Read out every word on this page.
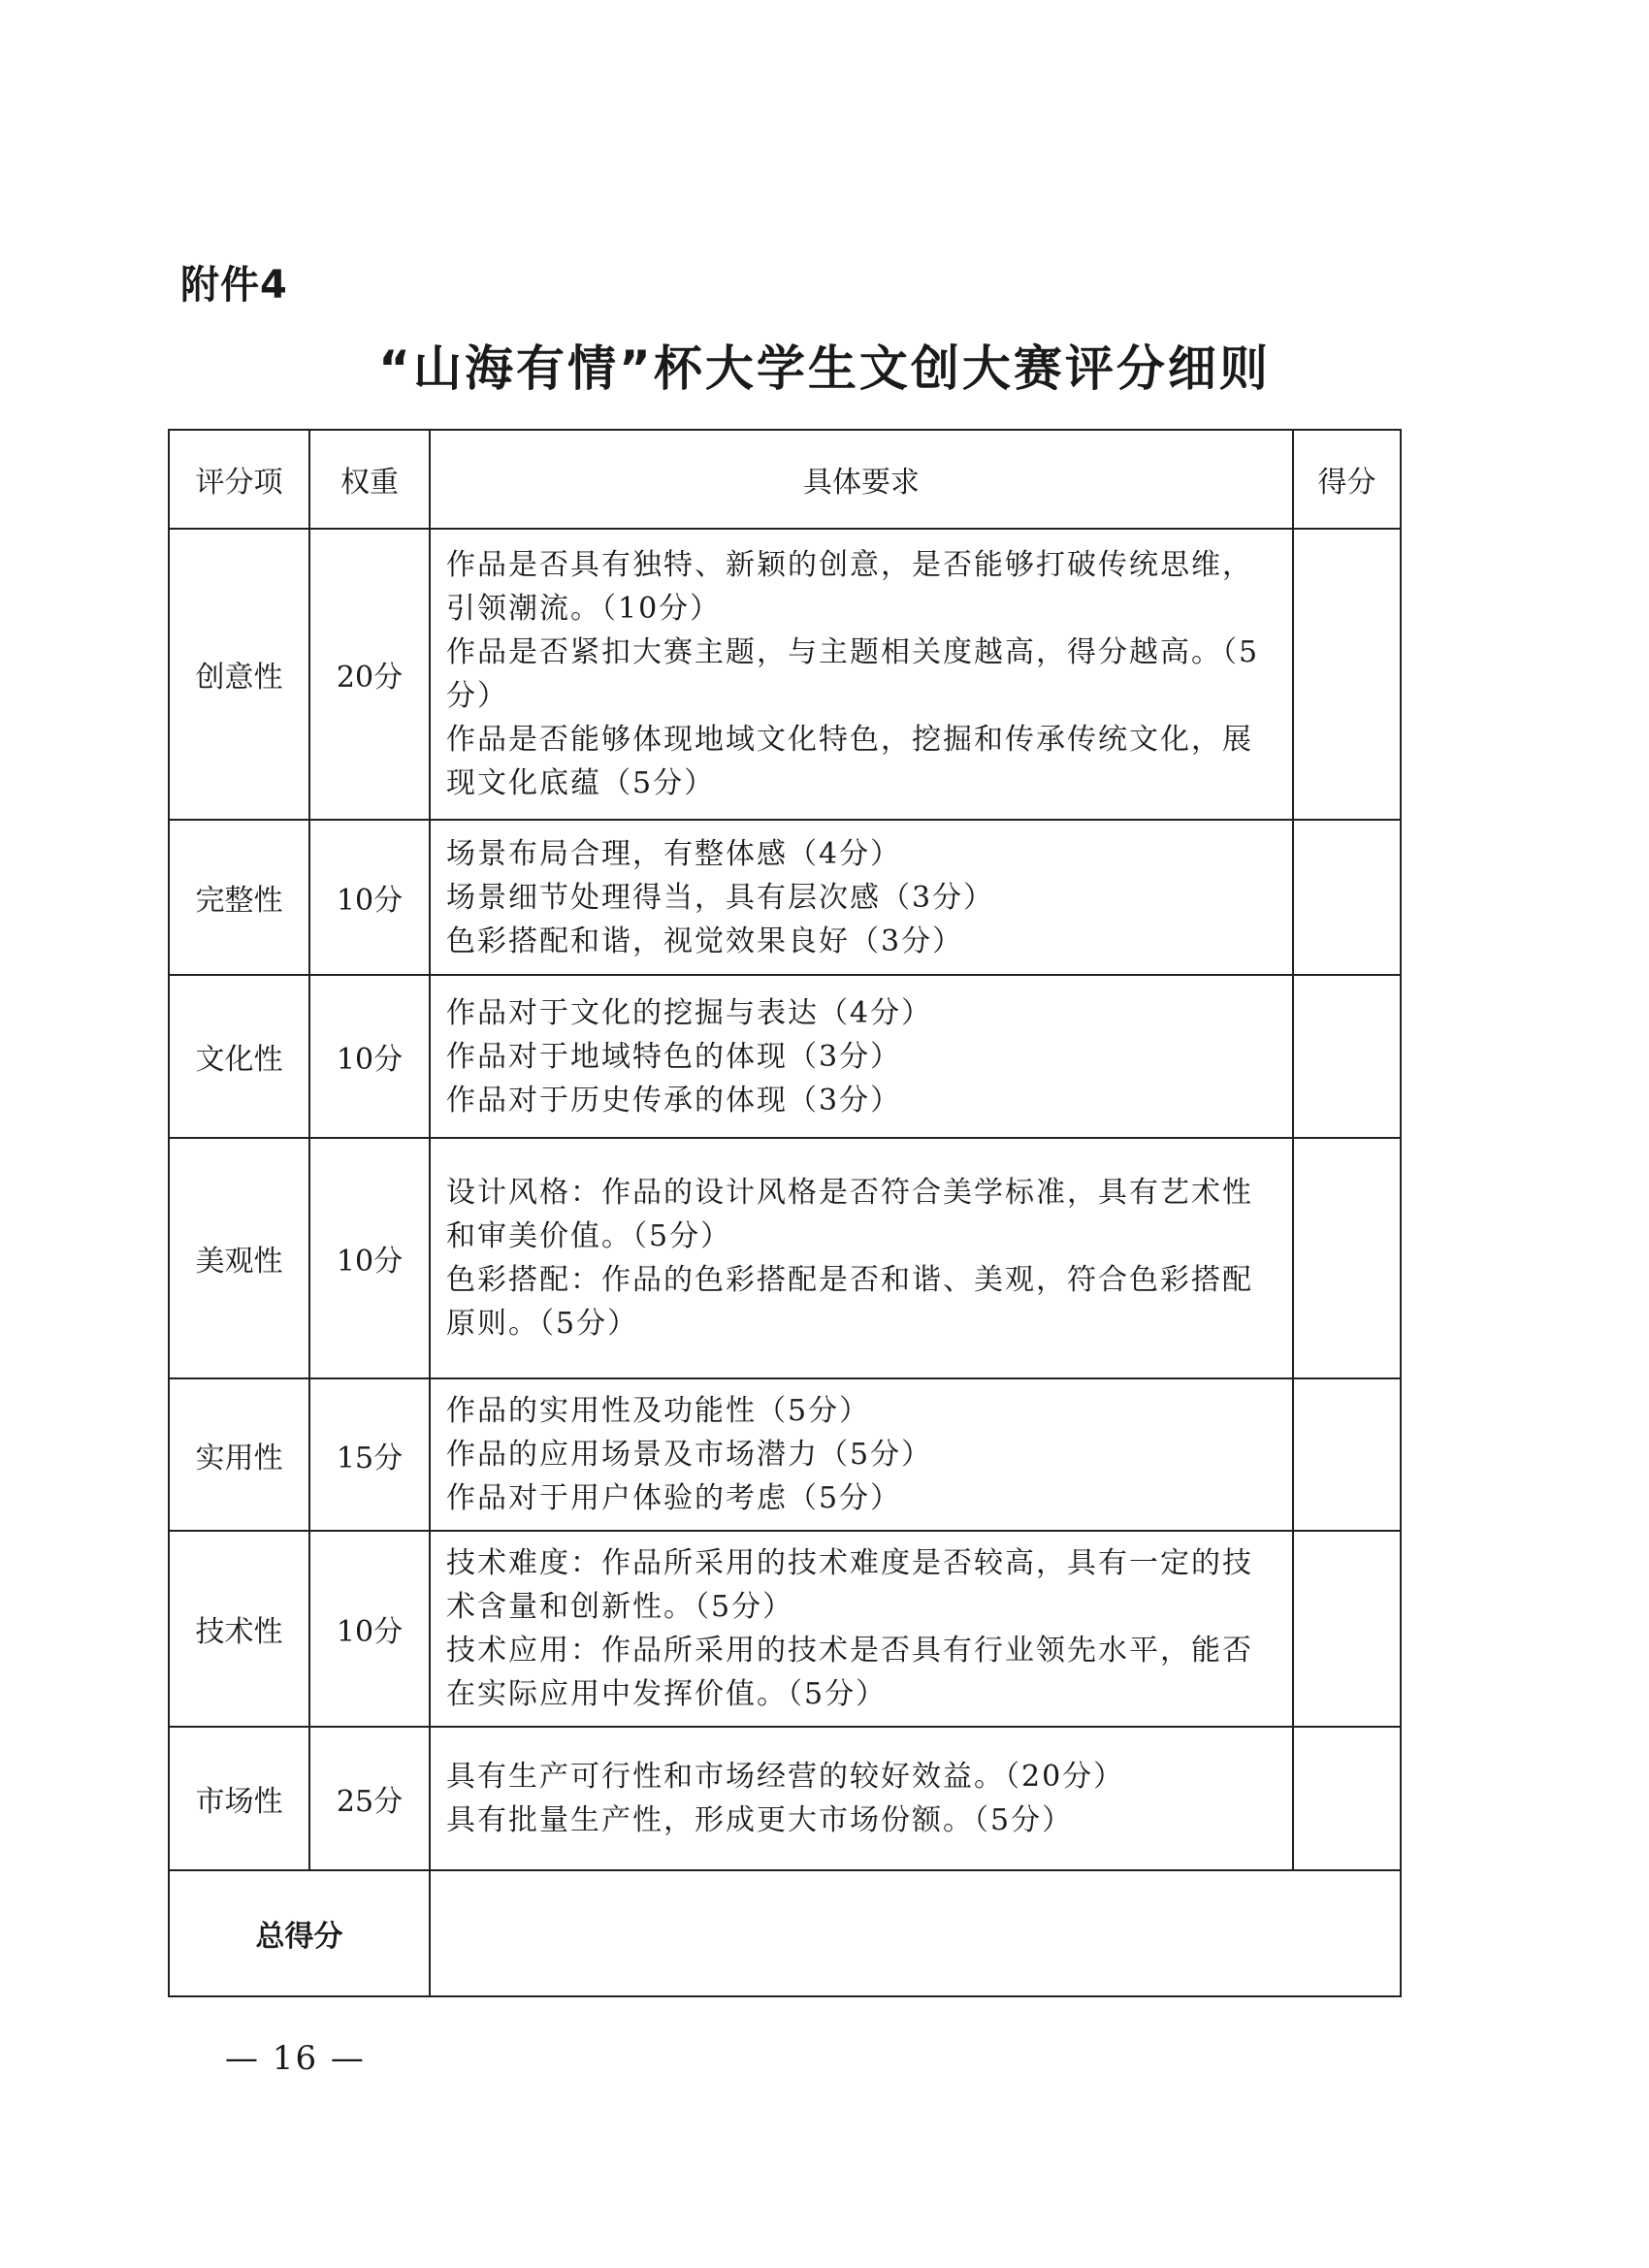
附件4
“山海有情”杯大学生文创大赛评分细则
评分项	权重	具体要求	得分
创意性	20分	作品是否具有独特、新颖的创意，是否能够打破传统思维，引领潮流。（10分）
作品是否紧扣大赛主题，与主题相关度越高，得分越高。（5分）
作品是否能够体现地域文化特色，挖掘和传承传统文化，展现文化底蕴（5分）	

完整性	10分	场景布局合理，有整体感（4分）
场景细节处理得当，具有层次感（3分）
色彩搭配和谐，视觉效果良好（3分）	

文化性	10分	作品对于文化的挖掘与表达（4分）
作品对于地域特色的体现（3分）
作品对于历史传承的体现（3分）	

美观性	10分	设计风格：作品的设计风格是否符合美学标准，具有艺术性和审美价值。（5分）
色彩搭配：作品的色彩搭配是否和谐、美观，符合色彩搭配原则。（5分）	

实用性	15分	作品的实用性及功能性（5分）
作品的应用场景及市场潜力（5分）
作品对于用户体验的考虑（5分）	

技术性	10分	技术难度：作品所采用的技术难度是否较高，具有一定的技术含量和创新性。（5分）
技术应用：作品所采用的技术是否具有行业领先水平，能否在实际应用中发挥价值。（5分）	

市场性	25分	具有生产可行性和市场经营的较好效益。（20分）
具有批量生产性，形成更大市场份额。（5分）	

总得分			
— 16 —
